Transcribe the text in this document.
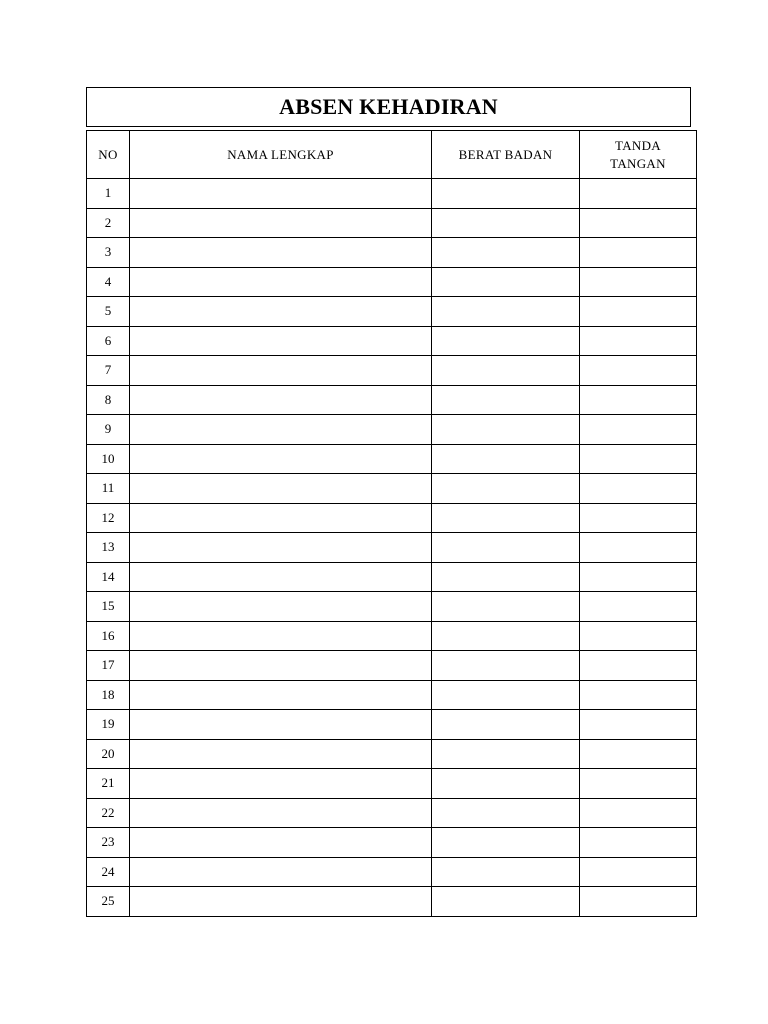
ABSEN KEHADIRAN
NO	NAMA LENGKAP	BERAT BADAN	TANDA
TANGAN

1			
2			
3			
4			
5			
6			
7			
8			
9			
10			
11			
12			
13			
14			
15			
16			
17			
18			
19			
20			
21			
22			
23			
24			
25			
